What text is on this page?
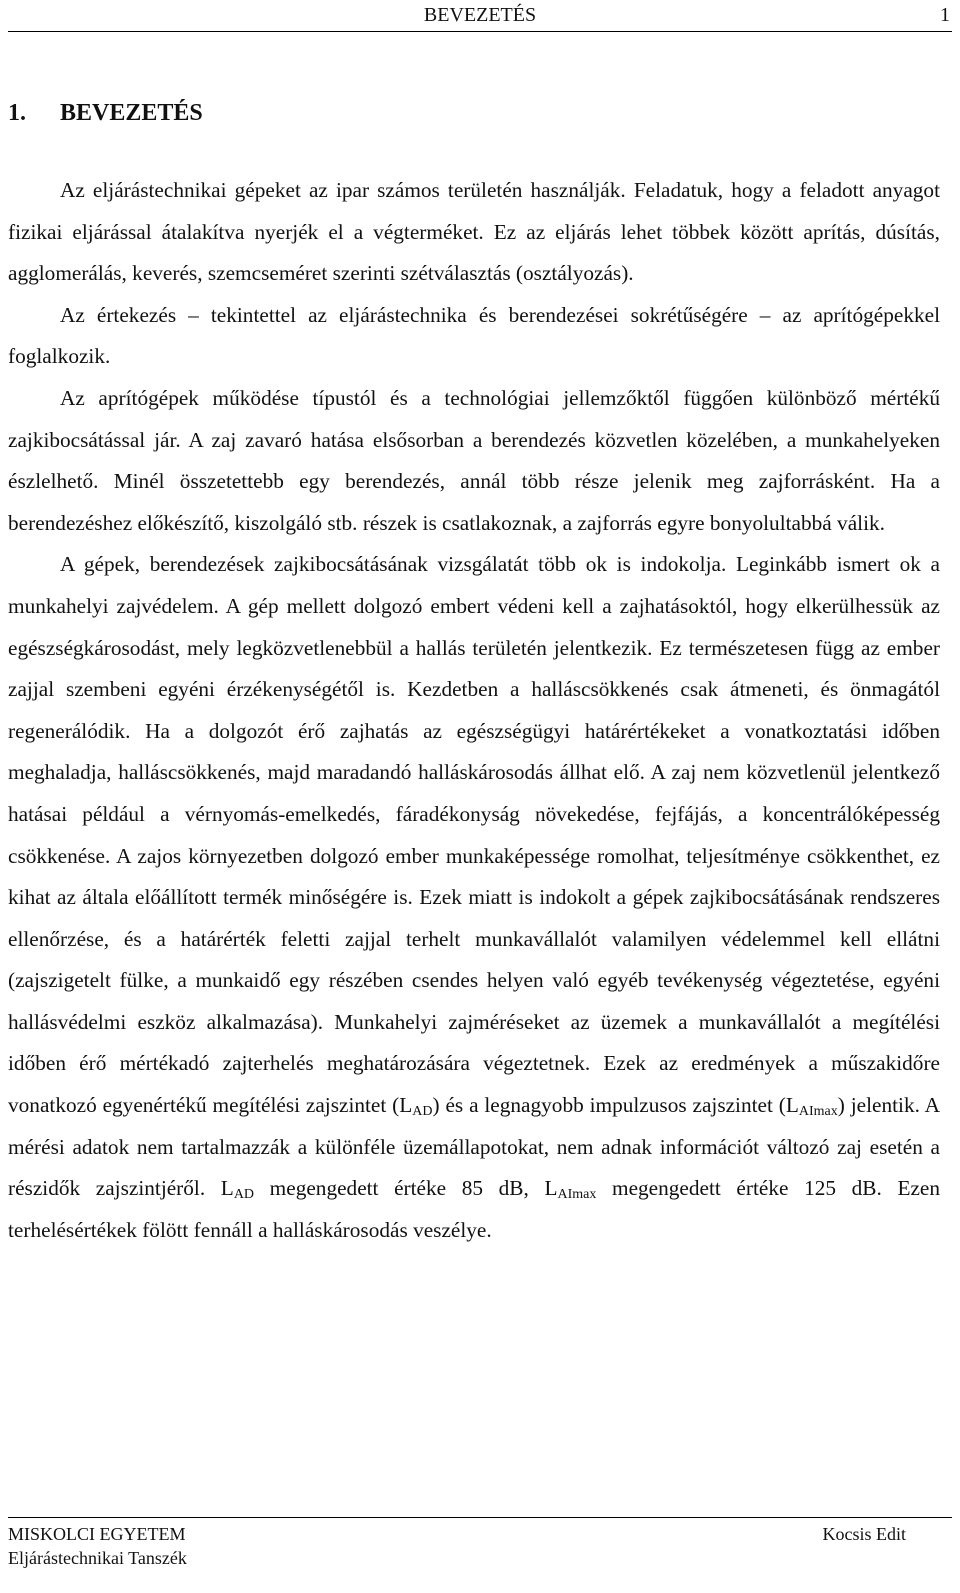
BEVEZETÉS	1
1. BEVEZETÉS

Az eljárástechnikai gépeket az ipar számos területén használják. Feladatuk, hogy a feladott anyagot fizikai eljárással átalakítva nyerjék el a végterméket. Ez az eljárás lehet többek között aprítás, dúsítás, agglomerálás, keverés, szemcseméret szerinti szétválasztás (osztályozás).

Az értekezés – tekintettel az eljárástechnika és berendezései sokrétűségére – az aprítógépekkel foglalkozik.

Az aprítógépek működése típustól és a technológiai jellemzőktől függően különböző mértékű zajkibocsátással jár. A zaj zavaró hatása elsősorban a berendezés közvetlen közelében, a munkahelyeken észlelhető. Minél összetettebb egy berendezés, annál több része jelenik meg zajforrásként. Ha a berendezéshez előkészítő, kiszolgáló stb. részek is csatlakoznak, a zajforrás egyre bonyolultabbá válik.

A gépek, berendezések zajkibocsátásának vizsgálatát több ok is indokolja. Leginkább ismert ok a munkahelyi zajvédelem. A gép mellett dolgozó embert védeni kell a zajhatásoktól, hogy elkerülhessük az egészségkárosodást, mely legközvetlenebbül a hallás területén jelentkezik. Ez természetesen függ az ember zajjal szembeni egyéni érzékenységétől is. Kezdetben a halláscsökkenés csak átmeneti, és önmagától regenerálódik. Ha a dolgozót érő zajhatás az egészségügyi határértékeket a vonatkoztatási időben meghaladja, halláscsökkenés, majd maradandó halláskárosodás állhat elő. A zaj nem közvetlenül jelentkező hatásai például a vérnyomás-emelkedés, fáradékonyság növekedése, fejfájás, a koncentrálóképesség csökkenése. A zajos környezetben dolgozó ember munkaképessége romolhat, teljesítménye csökkenthet, ez kihat az általa előállított termék minőségére is. Ezek miatt is indokolt a gépek zajkibocsátásának rendszeres ellenőrzése, és a határérték feletti zajjal terhelt munkavállalót valamilyen védelemmel kell ellátni (zajszigetelt fülke, a munkaidő egy részében csendes helyen való egyéb tevékenység végeztetése, egyéni hallásvédelmi eszköz alkalmazása). Munkahelyi zajméréseket az üzemek a munkavállalót a megítélési időben érő mértékadó zajterhelés meghatározására végeztetnek. Ezek az eredmények a műszakidőre vonatkozó egyenértékű megítélési zajszintet $(L_{AD})$ és a legnagyobb impulzusos zajszintet $(L_{AImax})$ jelentik. A mérési adatok nem tartalmazzák a különféle üzemállapotokat, nem adnak információt változó zaj esetén a részidők zajszintjéről. $L_{AD}$ megengedett értéke 85 dB, $L_{AImax}$ megengedett értéke 125 dB. Ezen terhelésértékek fölött fennáll a halláskárosodás veszélye.

MISKOLCI EGYETEM
Eljárástechnikai Tanszék
Kocsis Edit
